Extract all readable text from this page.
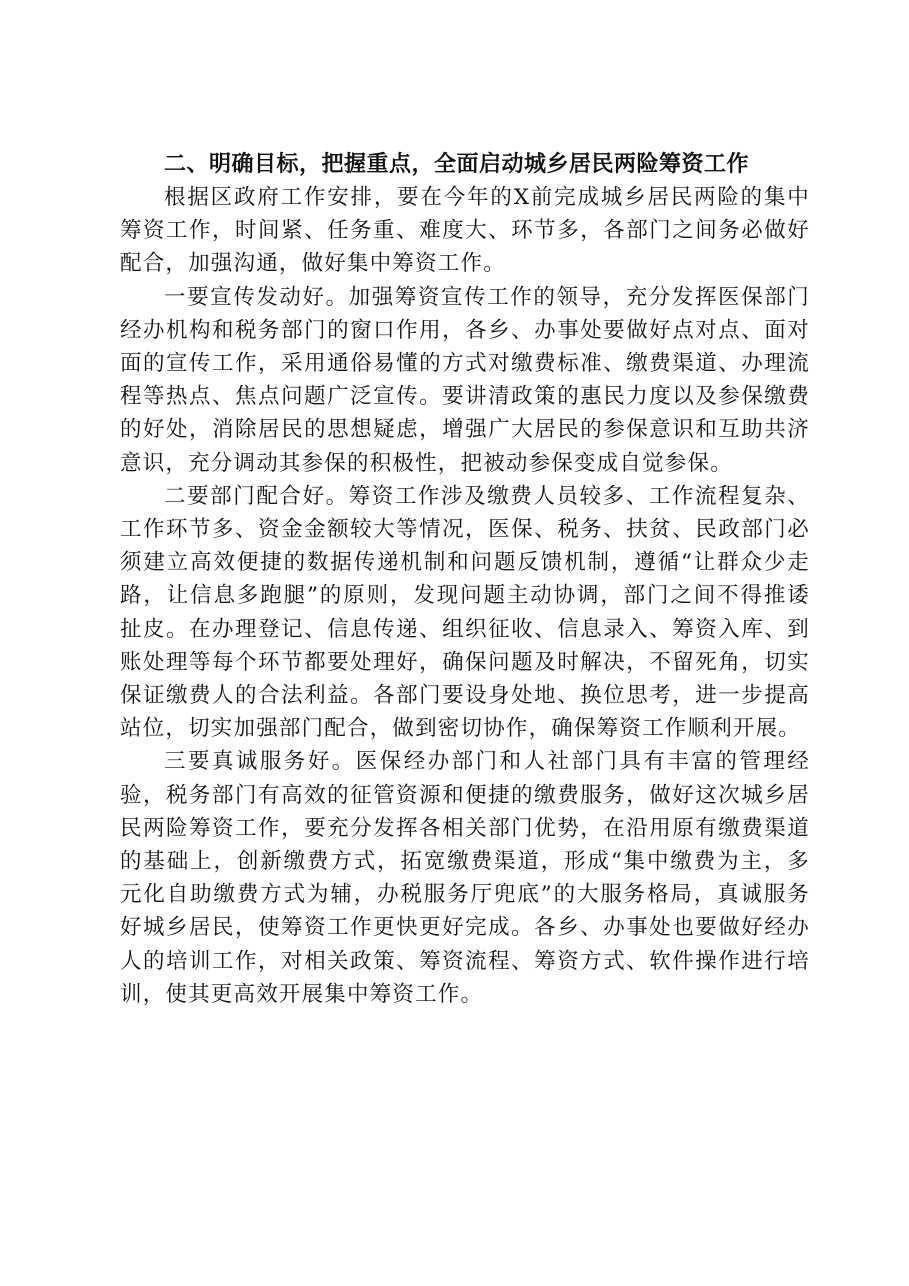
二、明确目标，把握重点，全面启动城乡居民两险筹资工作

根据区政府工作安排，要在今年的X前完成城乡居民两险的集中筹资工作，时间紧、任务重、难度大、环节多，各部门之间务必做好配合，加强沟通，做好集中筹资工作。

一要宣传发动好。加强筹资宣传工作的领导，充分发挥医保部门经办机构和税务部门的窗口作用，各乡、办事处要做好点对点、面对面的宣传工作，采用通俗易懂的方式对缴费标准、缴费渠道、办理流程等热点、焦点问题广泛宣传。要讲清政策的惠民力度以及参保缴费的好处，消除居民的思想疑虑，增强广大居民的参保意识和互助共济意识，充分调动其参保的积极性，把被动参保变成自觉参保。

二要部门配合好。筹资工作涉及缴费人员较多、工作流程复杂、工作环节多、资金金额较大等情况，医保、税务、扶贫、民政部门必须建立高效便捷的数据传递机制和问题反馈机制，遵循“让群众少走路，让信息多跑腿”的原则，发现问题主动协调，部门之间不得推诿扯皮。在办理登记、信息传递、组织征收、信息录入、筹资入库、到账处理等每个环节都要处理好，确保问题及时解决，不留死角，切实保证缴费人的合法利益。各部门要设身处地、换位思考，进一步提高站位，切实加强部门配合，做到密切协作，确保筹资工作顺利开展。

三要真诚服务好。医保经办部门和人社部门具有丰富的管理经验，税务部门有高效的征管资源和便捷的缴费服务，做好这次城乡居民两险筹资工作，要充分发挥各相关部门优势，在沿用原有缴费渠道的基础上，创新缴费方式，拓宽缴费渠道，形成“集中缴费为主，多元化自助缴费方式为辅，办税服务厅兜底”的大服务格局，真诚服务好城乡居民，使筹资工作更快更好完成。各乡、办事处也要做好经办人的培训工作，对相关政策、筹资流程、筹资方式、软件操作进行培训，使其更高效开展集中筹资工作。
